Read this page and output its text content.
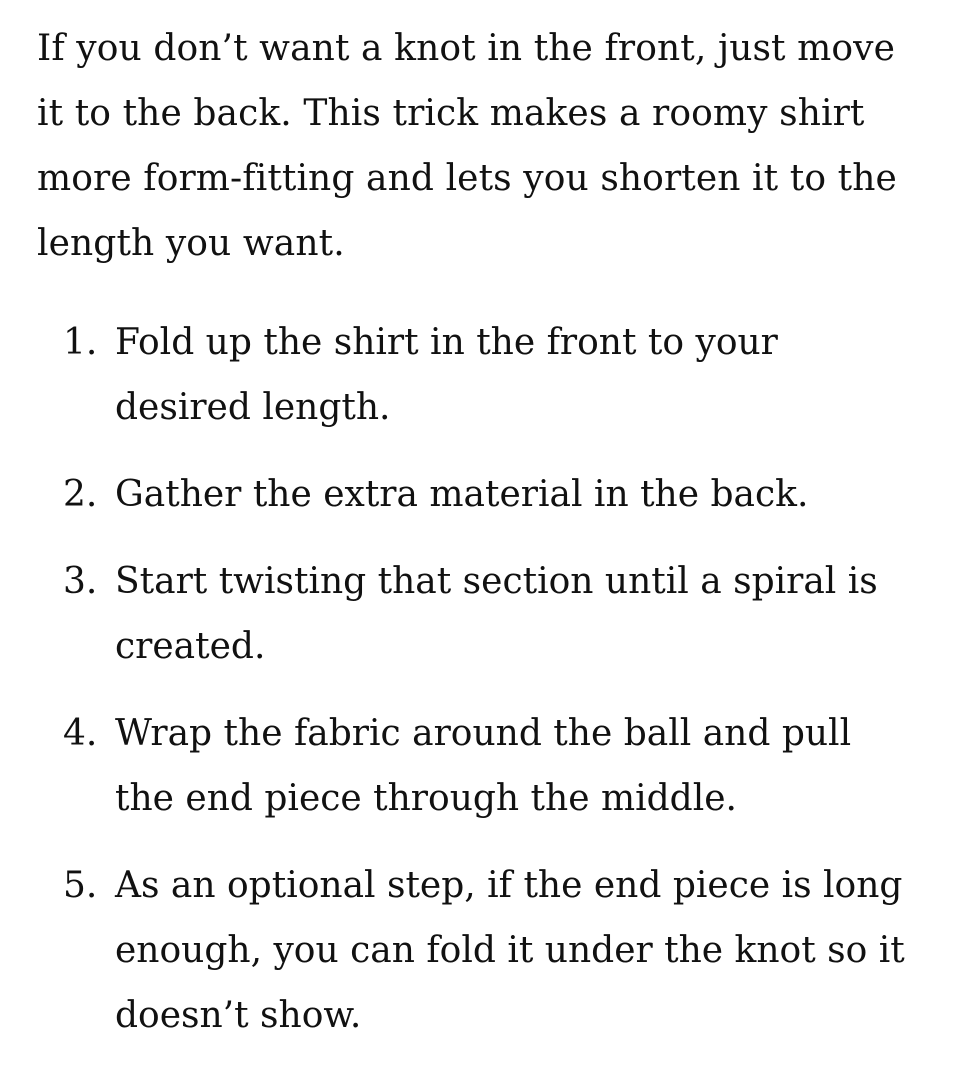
If you don’t want a knot in the front, just move it to the back. This trick makes a roomy shirt more form-fitting and lets you shorten it to the length you want.

1. Fold up the shirt in the front to your desired length.
2. Gather the extra material in the back.
3. Start twisting that section until a spiral is created.
4. Wrap the fabric around the ball and pull the end piece through the middle.
5. As an optional step, if the end piece is long enough, you can fold it under the knot so it doesn’t show.
